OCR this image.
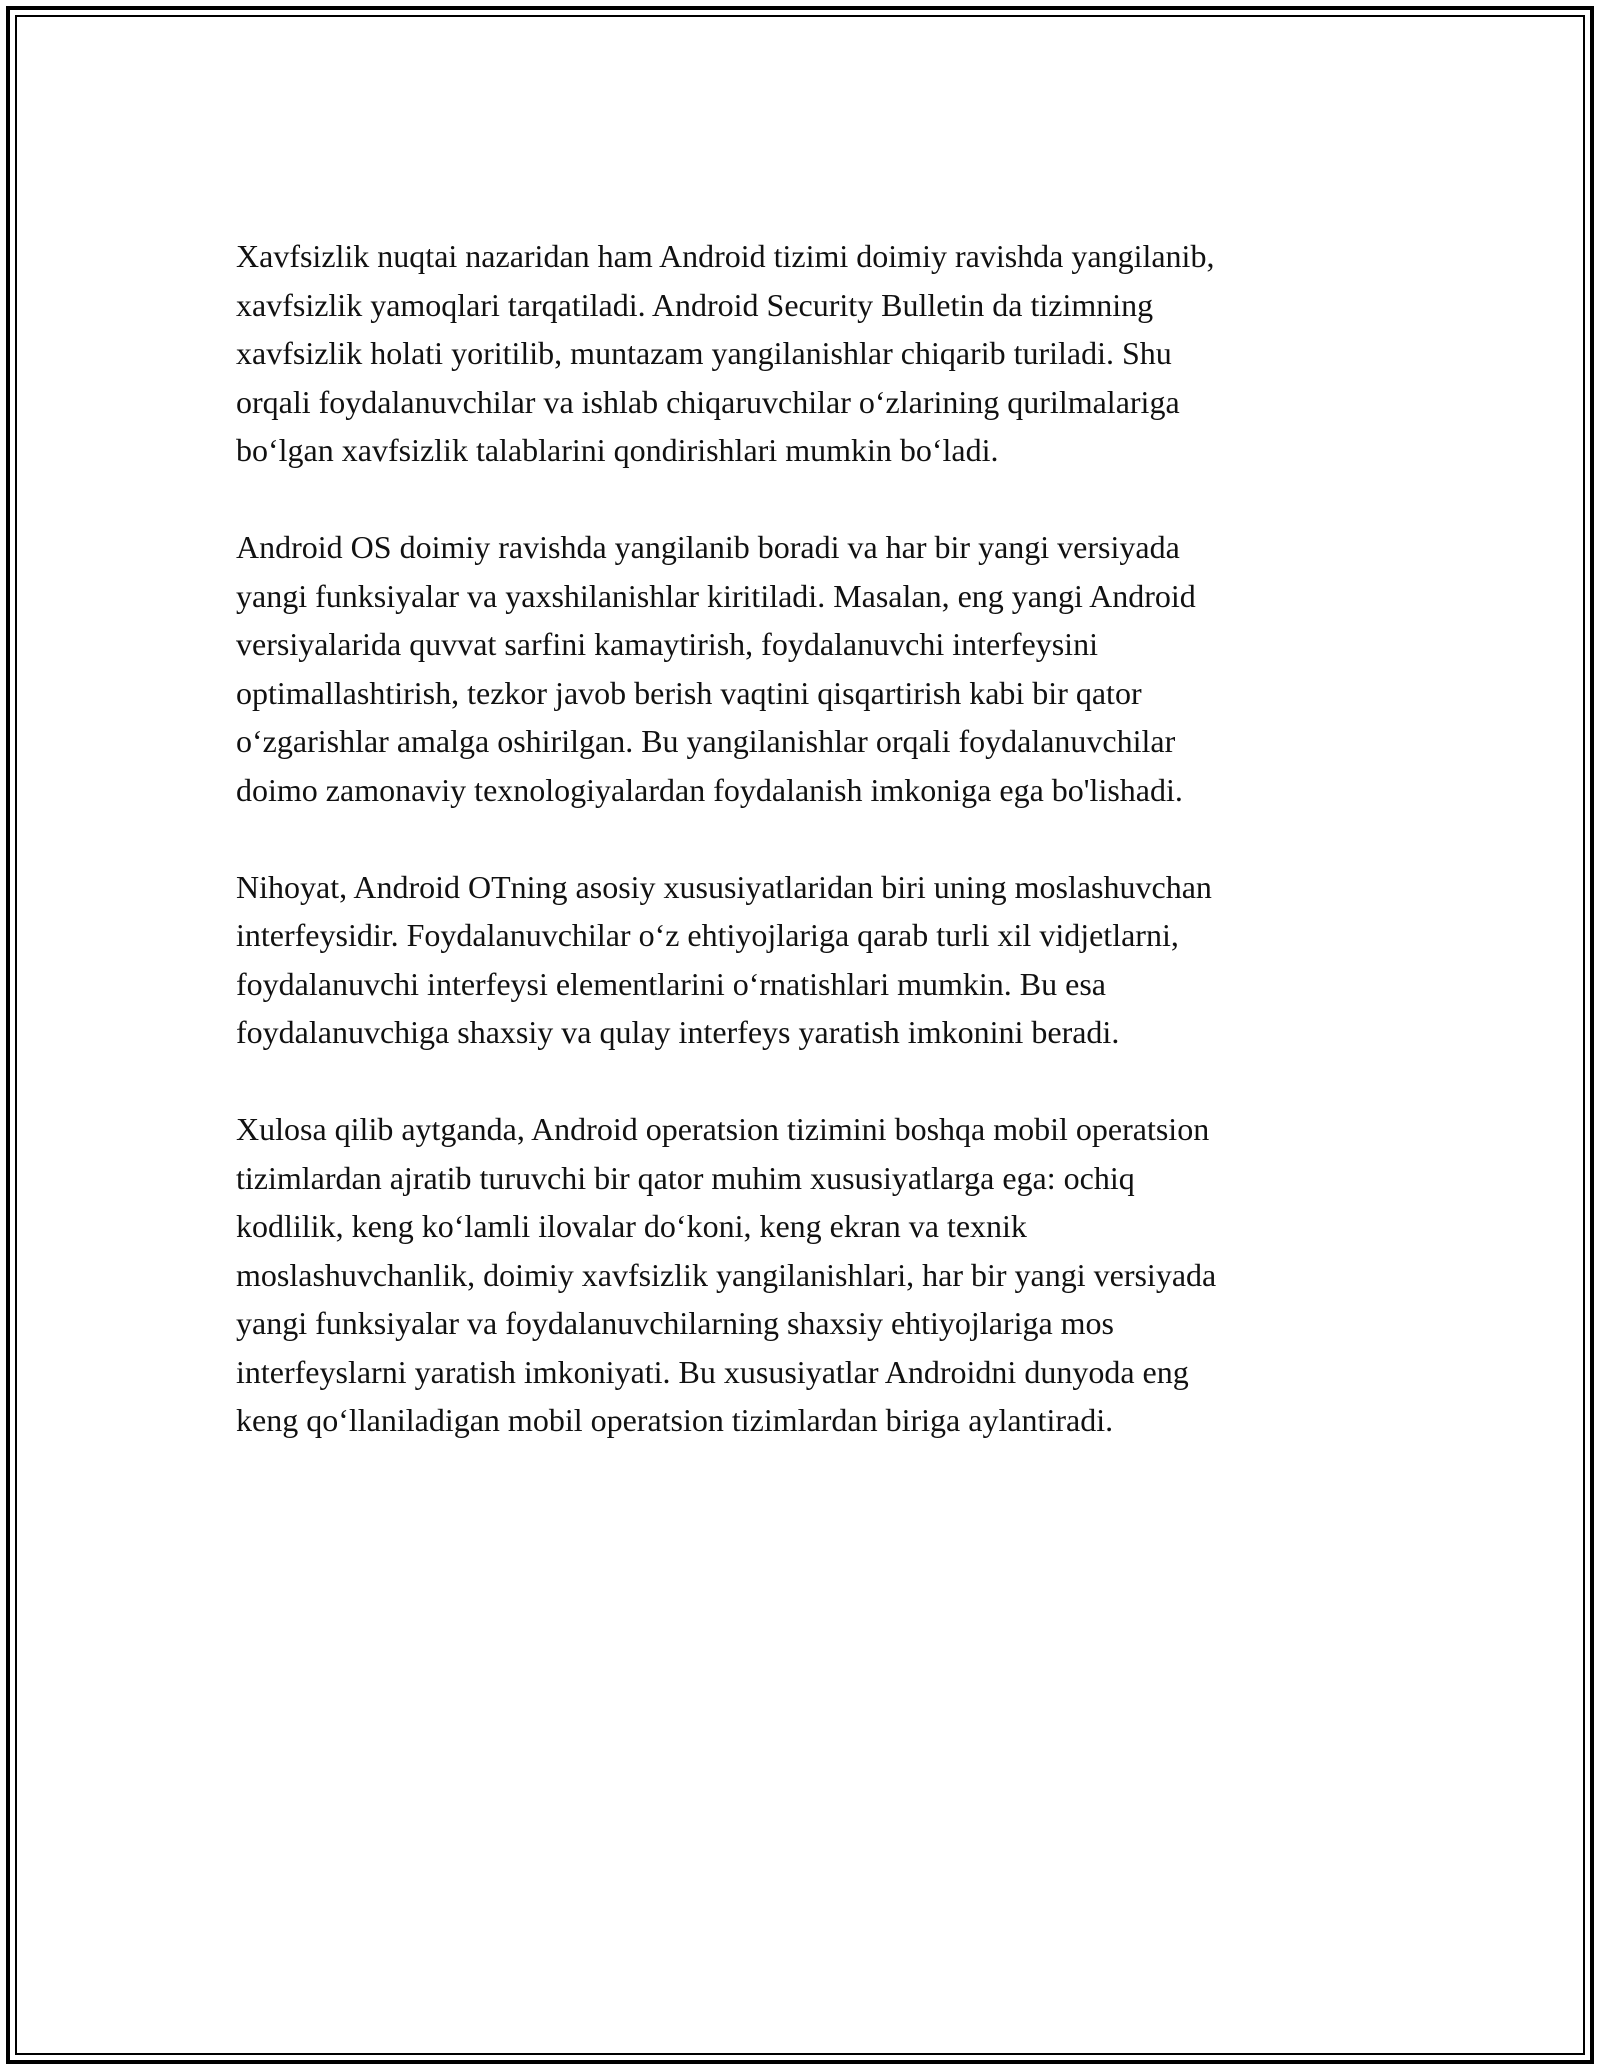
Xavfsizlik nuqtai nazaridan ham Android tizimi doimiy ravishda yangilanib,
xavfsizlik yamoqlari tarqatiladi. Android Security Bulletin da tizimning
xavfsizlik holati yoritilib, muntazam yangilanishlar chiqarib turiladi. Shu
orqali foydalanuvchilar va ishlab chiqaruvchilar o‘zlarining qurilmalariga
bo‘lgan xavfsizlik talablarini qondirishlari mumkin bo‘ladi.

Android OS doimiy ravishda yangilanib boradi va har bir yangi versiyada
yangi funksiyalar va yaxshilanishlar kiritiladi. Masalan, eng yangi Android
versiyalarida quvvat sarfini kamaytirish, foydalanuvchi interfeysini
optimallashtirish, tezkor javob berish vaqtini qisqartirish kabi bir qator
o‘zgarishlar amalga oshirilgan. Bu yangilanishlar orqali foydalanuvchilar
doimo zamonaviy texnologiyalardan foydalanish imkoniga ega bo'lishadi.

Nihoyat, Android OTning asosiy xususiyatlaridan biri uning moslashuvchan
interfeysidir. Foydalanuvchilar o‘z ehtiyojlariga qarab turli xil vidjetlarni,
foydalanuvchi interfeysi elementlarini o‘rnatishlari mumkin. Bu esa
foydalanuvchiga shaxsiy va qulay interfeys yaratish imkonini beradi.

Xulosa qilib aytganda, Android operatsion tizimini boshqa mobil operatsion
tizimlardan ajratib turuvchi bir qator muhim xususiyatlarga ega: ochiq
kodlilik, keng ko‘lamli ilovalar do‘koni, keng ekran va texnik
moslashuvchanlik, doimiy xavfsizlik yangilanishlari, har bir yangi versiyada
yangi funksiyalar va foydalanuvchilarning shaxsiy ehtiyojlariga mos
interfeyslarni yaratish imkoniyati. Bu xususiyatlar Androidni dunyoda eng
keng qo‘llaniladigan mobil operatsion tizimlardan biriga aylantiradi.
